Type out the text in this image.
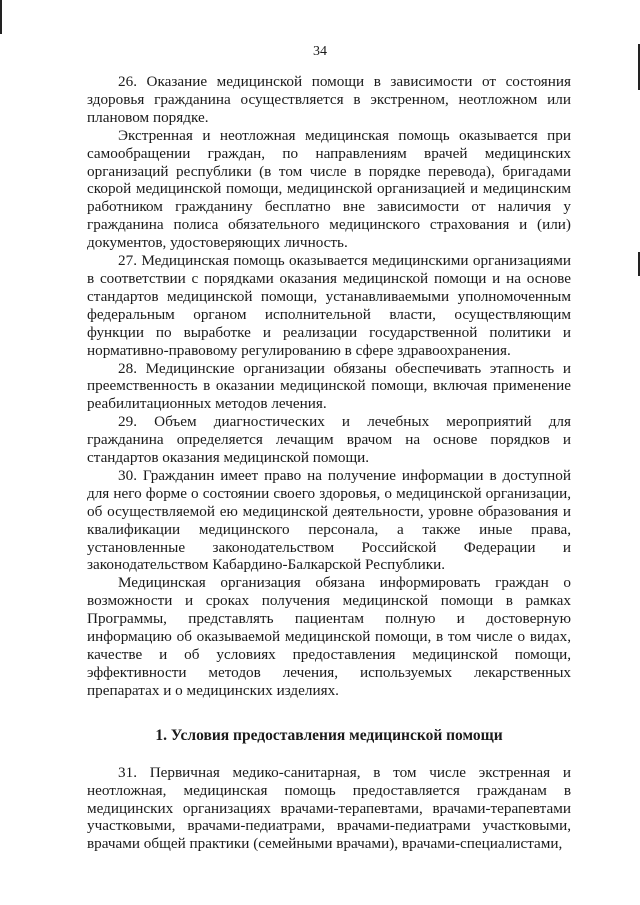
34
26. Оказание медицинской помощи в зависимости от состояния здоровья гражданина осуществляется в экстренном, неотложном или плановом порядке.
Экстренная и неотложная медицинская помощь оказывается при самообращении граждан, по направлениям врачей медицинских организаций республики (в том числе в порядке перевода), бригадами скорой медицинской помощи, медицинской организацией и медицинским работником гражданину бесплатно вне зависимости от наличия у гражданина полиса обязательного медицинского страхования и (или) документов, удостоверяющих личность.
27. Медицинская помощь оказывается медицинскими организациями в соответствии с порядками оказания медицинской помощи и на основе стандартов медицинской помощи, устанавливаемыми уполномоченным федеральным органом исполнительной власти, осуществляющим функции по выработке и реализации государственной политики и нормативно-правовому регулированию в сфере здравоохранения.
28. Медицинские организации обязаны обеспечивать этапность и преемственность в оказании медицинской помощи, включая применение реабилитационных методов лечения.
29. Объем диагностических и лечебных мероприятий для гражданина определяется лечащим врачом на основе порядков и стандартов оказания медицинской помощи.
30. Гражданин имеет право на получение информации в доступной для него форме о состоянии своего здоровья, о медицинской организации, об осуществляемой ею медицинской деятельности, уровне образования и квалификации медицинского персонала, а также иные права, установленные законодательством Российской Федерации и законодательством Кабардино-Балкарской Республики.
Медицинская организация обязана информировать граждан о возможности и сроках получения медицинской помощи в рамках Программы, представлять пациентам полную и достоверную информацию об оказываемой медицинской помощи, в том числе о видах, качестве и об условиях предоставления медицинской помощи, эффективности методов лечения, используемых лекарственных препаратах и о медицинских изделиях.
1. Условия предоставления медицинской помощи
31. Первичная медико-санитарная, в том числе экстренная и неотложная, медицинская помощь предоставляется гражданам в медицинских организациях врачами-терапевтами, врачами-терапевтами участковыми, врачами-педиатрами, врачами-педиатрами участковыми, врачами общей практики (семейными врачами), врачами-специалистами,
